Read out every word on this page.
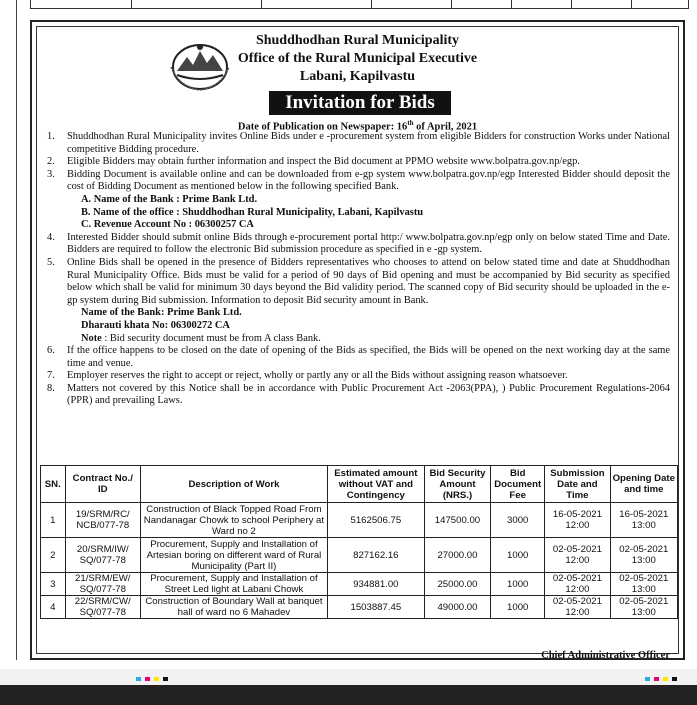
Shuddhodhan Rural Municipality
Office of the Rural Municipal Executive
Labani, Kapilvastu
Invitation for Bids
Date of Publication on Newspaper: 16th of April, 2021
1.	Shuddhodhan Rural Municipality invites Online Bids under e -procurement system from eligible Bidders for construction Works under National competitive Bidding procedure.
2.	Eligible Bidders may obtain further information and inspect the Bid document at PPMO website www.bolpatra.gov.np/egp.
3.	Bidding Document is available online and can be downloaded from e-gp system www.bolpatra.gov.np/egp Interested Bidder should deposit the cost of Bidding Document as mentioned below in the following specified Bank.
A. Name of the Bank : Prime Bank Ltd.
B. Name of the office : Shuddhodhan Rural Municipality, Labani, Kapilvastu
C. Revenue Account No : 06300257 CA
4.	Interested Bidder should submit online Bids through e-procurement portal http:/ www.bolpatra.gov.np/egp only on below stated Time and Date. Bidders are required to follow the electronic Bid submission procedure as specified in e -gp system.
5.	Online Bids shall be opened in the presence of Bidders representatives who chooses to attend on below stated time and date at Shuddhodhan Rural Municipality Office. Bids must be valid for a period of 90 days of Bid opening and must be accompanied by Bid security as specified below which shall be valid for minimum 30 days beyond the Bid validity period. The scanned copy of Bid security should be uploaded in the e-gp system during Bid submission. Information to deposit Bid security amount in Bank.
Name of the Bank: Prime Bank Ltd.
Dharauti khata No: 06300272 CA
Note : Bid security document must be from A class Bank.
6.	If the office happens to be closed on the date of opening of the Bids as specified, the Bids will be opened on the next working day at the same time and venue.
7.	Employer reserves the right to accept or reject, wholly or partly any or all the Bids without assigning reason whatsoever.
8.	Matters not covered by this Notice shall be in accordance with Public Procurement Act -2063(PPA), ) Public Procurement Regulations-2064 (PPR) and prevailing Laws.
SN.	Contract No./ ID	Description of Work	Estimated amount without VAT and Contingency	Bid Security Amount (NRS.)	Bid Document Fee	Submission Date and Time	Opening Date and time
1	19/SRM/RC/ NCB/077-78	Construction of Black Topped Road From Nandanagar Chowk to school Periphery at Ward no 2	5162506.75	147500.00	3000	16-05-2021 12:00	16-05-2021 13:00
2	20/SRM/IW/ SQ/077-78	Procurement, Supply and Installation of Artesian boring on different ward of Rural Municipality (Part II)	827162.16	27000.00	1000	02-05-2021 12:00	02-05-2021 13:00
3	21/SRM/EW/ SQ/077-78	Procurement, Supply and Installation of Street Led light at Labani Chowk	934881.00	25000.00	1000	02-05-2021 12:00	02-05-2021 13:00
4	22/SRM/CW/ SQ/077-78	Construction of Boundary Wall at banquet hall of ward no 6 Mahadev	1503887.45	49000.00	1000	02-05-2021 12:00	02-05-2021 13:00
Chief Administrative Officer
